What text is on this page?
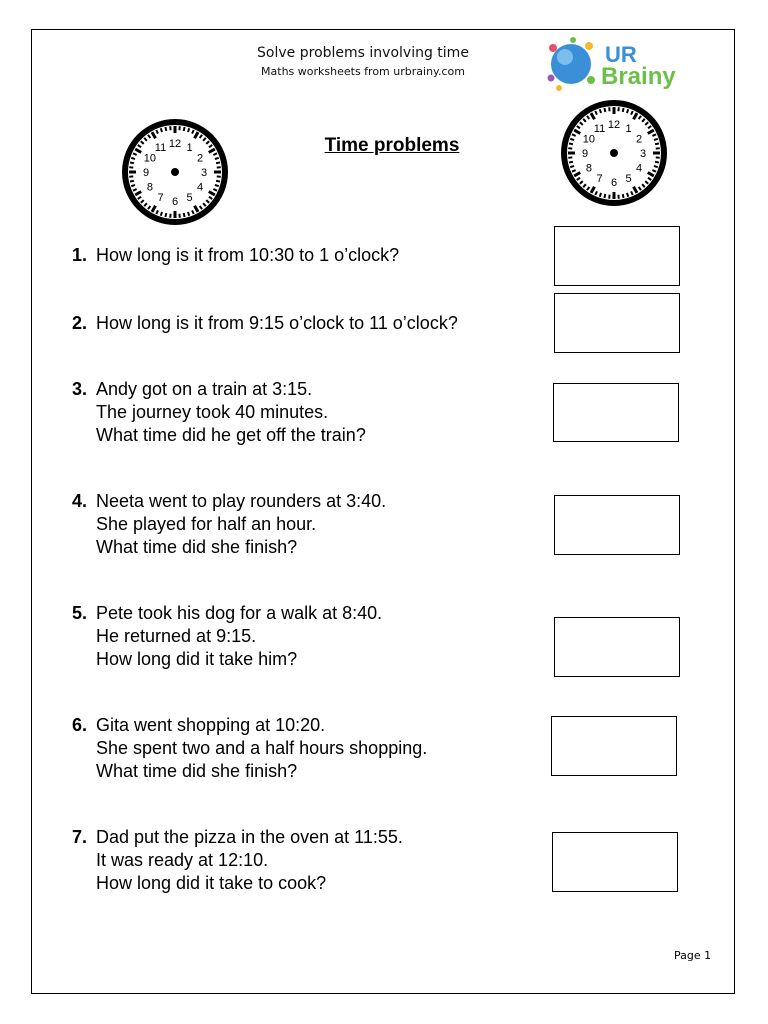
Solve problems involving time
Maths worksheets from urbrainy.com
UR
Brainy
12 1
2
3
4
5
6
7
8
9
10
11
12 1
2
3
4
5
6
7
8
9
10
11
Time problems
1. How long is it from 10:30 to 1 o’clock?
2. How long is it from 9:15 o’clock to 11 o’clock?
3. Andy got on a train at 3:15.
The journey took 40 minutes.
What time did he get off the train?
4. Neeta went to play rounders at 3:40.
She played for half an hour.
What time did she finish?
5. Pete took his dog for a walk at 8:40.
He returned at 9:15.
How long did it take him?
6. Gita went shopping at 10:20.
She spent two and a half hours shopping.
What time did she finish?
7. Dad put the pizza in the oven at 11:55.
It was ready at 12:10.
How long did it take to cook?
Page 1
